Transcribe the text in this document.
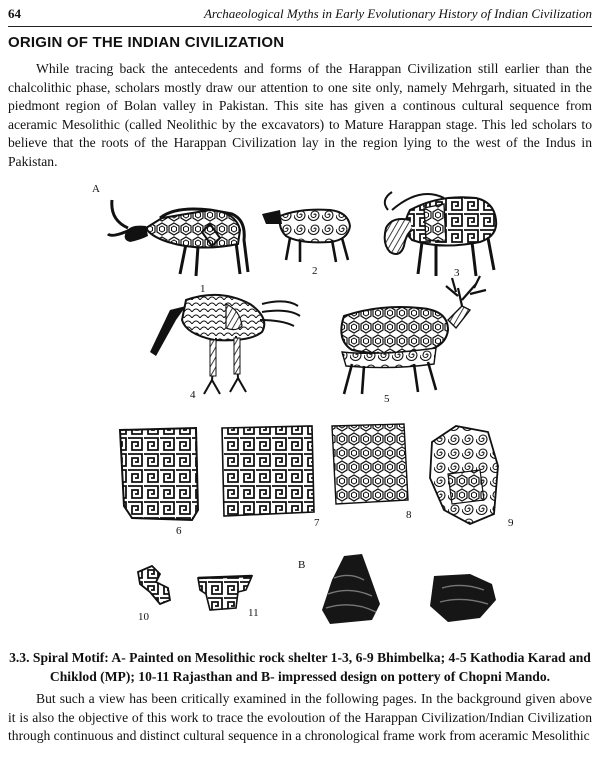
64	Archaeological Myths in Early Evolutionary History of Indian Civilization
ORIGIN OF THE INDIAN CIVILIZATION

While tracing back the antecedents and forms of the Harappan Civilization still earlier than the chalcolithic phase, scholars mostly draw our attention to one site only, namely Mehrgarh, situated in the piedmont region of Bolan valley in Pakistan. This site has given a continous cultural sequence from aceramic Mesolithic (called Neolithic by the excavators) to Mature Harappan stage. This led scholars to believe that the roots of the Harappan Civilization lay in the region lying to the west of the Indus in Pakistan.

A
1
2	3
4	5
6
7
8
9
B
10	11

3.3. Spiral Motif: A- Painted on Mesolithic rock shelter 1-3, 6-9 Bhimbelka; 4-5 Kathodia Karad and Chiklod (MP); 10-11 Rajasthan and B- impressed design on pottery of Chopni Mando.

But such a view has been critically examined in the following pages. In the background given above it is also the objective of this work to trace the evoloution of the Harappan Civilization/Indian Civilization through continuous and distinct cultural sequence in a chronological frame work from aceramic Mesolithic
